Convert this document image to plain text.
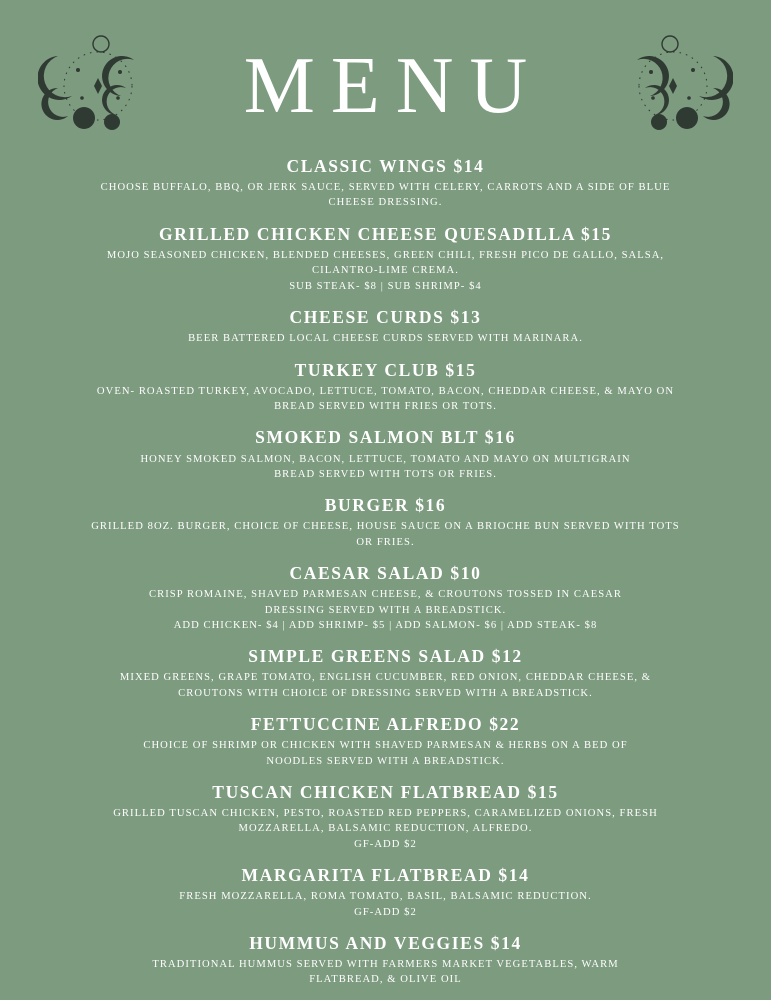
MENU
CLASSIC WINGS $14
CHOOSE BUFFALO, BBQ, OR JERK SAUCE, SERVED WITH CELERY, CARROTS AND A SIDE OF BLUE CHEESE DRESSING.
GRILLED CHICKEN CHEESE QUESADILLA $15
MOJO SEASONED CHICKEN, BLENDED CHEESES, GREEN CHILI, FRESH PICO DE GALLO, SALSA, CILANTRO-LIME CREMA.
SUB STEAK- $8 | SUB SHRIMP- $4
CHEESE CURDS $13
BEER BATTERED LOCAL CHEESE CURDS SERVED WITH MARINARA.
TURKEY CLUB $15
OVEN- ROASTED TURKEY, AVOCADO, LETTUCE, TOMATO, BACON, CHEDDAR CHEESE, & MAYO ON BREAD SERVED WITH FRIES OR TOTS.
SMOKED SALMON BLT $16
HONEY SMOKED SALMON, BACON, LETTUCE, TOMATO AND MAYO ON MULTIGRAIN BREAD SERVED WITH TOTS OR FRIES.
BURGER $16
GRILLED 8OZ. BURGER, CHOICE OF CHEESE, HOUSE SAUCE ON A BRIOCHE BUN SERVED WITH TOTS OR FRIES.
CAESAR SALAD $10
CRISP ROMAINE, SHAVED PARMESAN CHEESE, & CROUTONS TOSSED IN CAESAR DRESSING SERVED WITH A BREADSTICK.
ADD CHICKEN- $4 | ADD SHRIMP- $5 | ADD SALMON- $6 | ADD STEAK- $8
SIMPLE GREENS SALAD $12
MIXED GREENS, GRAPE TOMATO, ENGLISH CUCUMBER, RED ONION, CHEDDAR CHEESE, & CROUTONS WITH CHOICE OF DRESSING SERVED WITH A BREADSTICK.
FETTUCCINE ALFREDO $22
CHOICE OF SHRIMP OR CHICKEN WITH SHAVED PARMESAN & HERBS ON A BED OF NOODLES SERVED WITH A BREADSTICK.
TUSCAN CHICKEN FLATBREAD $15
GRILLED TUSCAN CHICKEN, PESTO, ROASTED RED PEPPERS, CARAMELIZED ONIONS, FRESH MOZZARELLA, BALSAMIC REDUCTION, ALFREDO.
GF-ADD $2
MARGARITA FLATBREAD $14
FRESH MOZZARELLA, ROMA TOMATO, BASIL, BALSAMIC REDUCTION.
GF-ADD $2
HUMMUS AND VEGGIES $14
TRADITIONAL HUMMUS SERVED WITH FARMERS MARKET VEGETABLES, WARM FLATBREAD, & OLIVE OIL
